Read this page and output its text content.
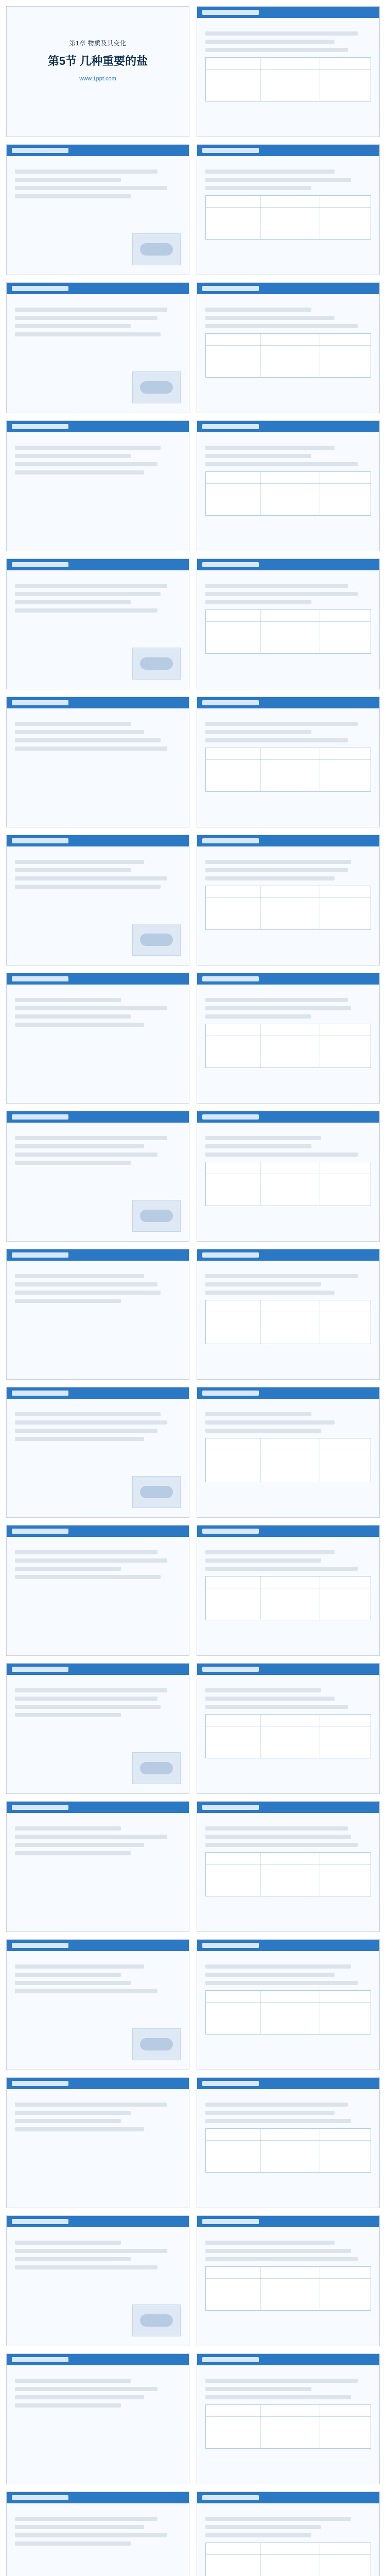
第1章 物质及其变化
第5节 几种重要的盐
www.1ppt.com
